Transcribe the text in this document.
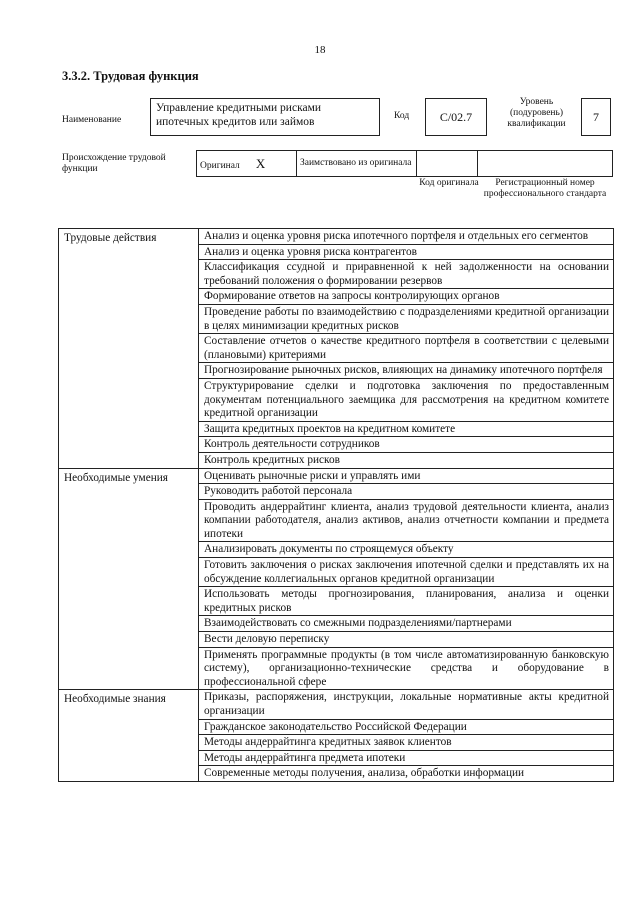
18
3.3.2. Трудовая функция
Наименование
Управление кредитными рисками ипотечных кредитов или займов	Код	C/02.7
Уровень (подуровень) квалификации
7
Происхождение трудовой функции	Оригинал X	Заимствовано из оригинала		
Код оригинала	Регистрационный номер профессионального стандарта
Трудовые действия	Анализ и оценка уровня риска ипотечного портфеля и отдельных его сегментов
	Анализ и оценка уровня риска контрагентов
	Классификация ссудной и приравненной к ней задолженности на основании требований положения о формировании резервов
	Формирование ответов на запросы контролирующих органов
	Проведение работы по взаимодействию с подразделениями кредитной организации в целях минимизации кредитных рисков
	Составление отчетов о качестве кредитного портфеля в соответствии с целевыми (плановыми) критериями
	Прогнозирование рыночных рисков, влияющих на динамику ипотечного портфеля
	Структурирование сделки и подготовка заключения по предоставленным документам потенциального заемщика для рассмотрения на кредитном комитете кредитной организации
	Защита кредитных проектов на кредитном комитете
	Контроль деятельности сотрудников
	Контроль кредитных рисков
Необходимые умения	Оценивать рыночные риски и управлять ими
	Руководить работой персонала
	Проводить андеррайтинг клиента, анализ трудовой деятельности клиента, анализ компании работодателя, анализ активов, анализ отчетности компании и предмета ипотеки
	Анализировать документы по строящемуся объекту
	Готовить заключения о рисках заключения ипотечной сделки и представлять их на обсуждение коллегиальных органов кредитной организации
	Использовать методы прогнозирования, планирования, анализа и оценки кредитных рисков
	Взаимодействовать со смежными подразделениями/партнерами
	Вести деловую переписку
	Применять программные продукты (в том числе автоматизированную банковскую систему), организационно-технические средства и оборудование в профессиональной сфере
Необходимые знания	Приказы, распоряжения, инструкции, локальные нормативные акты кредитной организации
	Гражданское законодательство Российской Федерации
	Методы андеррайтинга кредитных заявок клиентов
	Методы андеррайтинга предмета ипотеки
	Современные методы получения, анализа, обработки информации
